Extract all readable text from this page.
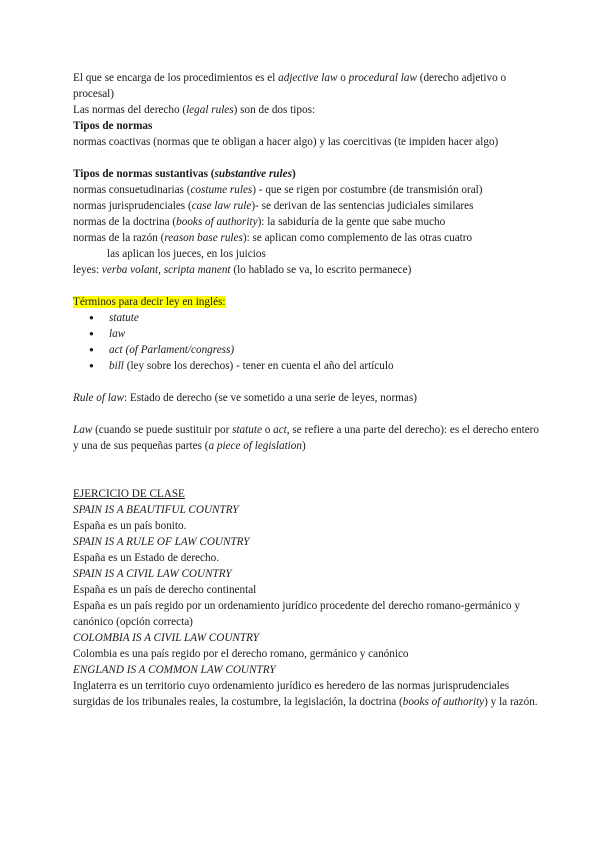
El que se encarga de los procedimientos es el adjective law o procedural law (derecho adjetivo o procesal)

Las normas del derecho (legal rules) son de dos tipos:

Tipos de normas

normas coactivas (normas que te obligan a hacer algo) y las coercitivas (te impiden hacer algo)

Tipos de normas sustantivas (substantive rules)

normas consuetudinarias (costume rules) - que se rigen por costumbre (de transmisión oral)

normas jurisprudenciales (case law rule)- se derivan de las sentencias judiciales similares

normas de la doctrina (books of authority): la sabiduría de la gente que sabe mucho

normas de la razón (reason base rules): se aplican como complemento de las otras cuatro

las aplican los jueces, en los juicios

leyes: verba volant, scripta manent (lo hablado se va, lo escrito permanece)

Términos para decir ley en inglés:

● statute
● law
● act (of Parlament/congress)
● bill (ley sobre los derechos) - tener en cuenta el año del artículo

Rule of law: Estado de derecho (se ve sometido a una serie de leyes, normas)

Law (cuando se puede sustituir por statute o act, se refiere a una parte del derecho): es el derecho entero y una de sus pequeñas partes (a piece of legislation)

EJERCICIO DE CLASE

SPAIN IS A BEAUTIFUL COUNTRY

España es un país bonito.

SPAIN IS A RULE OF LAW COUNTRY

España es un Estado de derecho.

SPAIN IS A CIVIL LAW COUNTRY

España es un país de derecho continental

España es un país regido por un ordenamiento jurídico procedente del derecho romano-germánico y canónico (opción correcta)

COLOMBIA IS A CIVIL LAW COUNTRY

Colombia es una país regido por el derecho romano, germánico y canónico

ENGLAND IS A COMMON LAW COUNTRY

Inglaterra es un territorio cuyo ordenamiento jurídico es heredero de las normas jurisprudenciales surgidas de los tribunales reales, la costumbre, la legislación, la doctrina (books of authority) y la razón.
